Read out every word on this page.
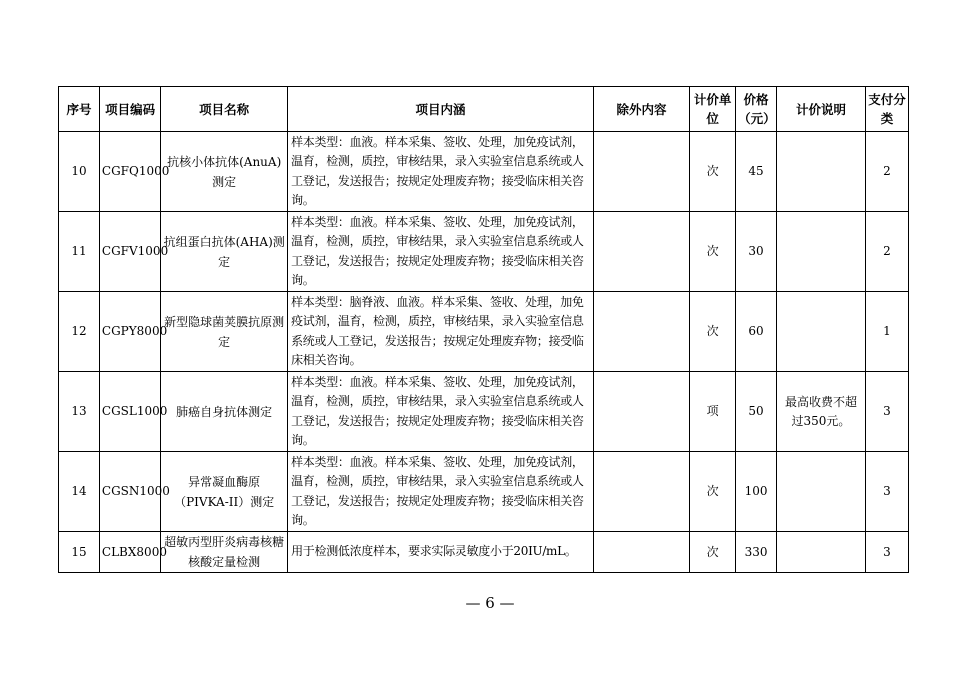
序号	项目编码	项目名称	项目内涵	除外内容	计价单位	价格（元）	计价说明	支付分类
10	CGFQ1000	抗核小体抗体(AnuA)测定	样本类型：血液。样本采集、签收、处理，加免疫试剂，温育，检测，质控，审核结果，录入实验室信息系统或人工登记，发送报告；按规定处理废弃物；接受临床相关咨询。		次	45		2
11	CGFV1000	抗组蛋白抗体(AHA)测定	样本类型：血液。样本采集、签收、处理，加免疫试剂，温育，检测，质控，审核结果，录入实验室信息系统或人工登记，发送报告；按规定处理废弃物；接受临床相关咨询。		次	30		2
12	CGPY8000	新型隐球菌荚膜抗原测定	样本类型：脑脊液、血液。样本采集、签收、处理，加免疫试剂，温育，检测，质控，审核结果，录入实验室信息系统或人工登记，发送报告；按规定处理废弃物；接受临床相关咨询。		次	60		1
13	CGSL1000	肺癌自身抗体测定	样本类型：血液。样本采集、签收、处理，加免疫试剂，温育，检测，质控，审核结果，录入实验室信息系统或人工登记，发送报告；按规定处理废弃物；接受临床相关咨询。		项	50	最高收费不超过350元。	3
14	CGSN1000	异常凝血酶原（PIVKA-II）测定	样本类型：血液。样本采集、签收、处理，加免疫试剂，温育，检测，质控，审核结果，录入实验室信息系统或人工登记，发送报告；按规定处理废弃物；接受临床相关咨询。		次	100		3
15	CLBX8000	超敏丙型肝炎病毒核糖核酸定量检测	用于检测低浓度样本，要求实际灵敏度小于20IU/mL。		次	330		3
— 6 —
